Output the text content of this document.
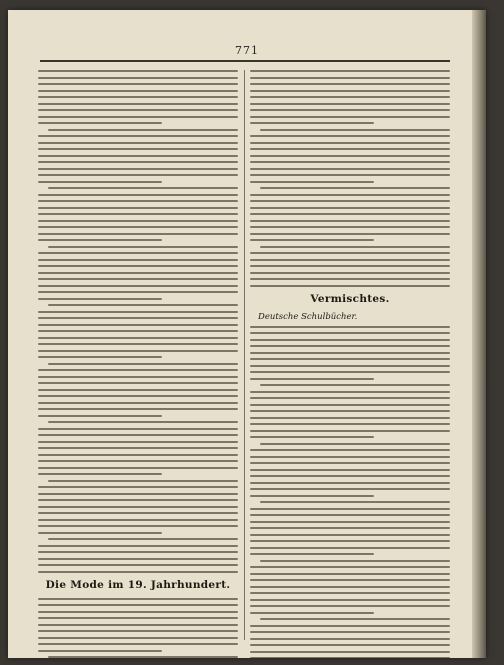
771
Die Mode im 19. Jahrhundert.
Vermischtes.
Deutsche Schulbücher.
